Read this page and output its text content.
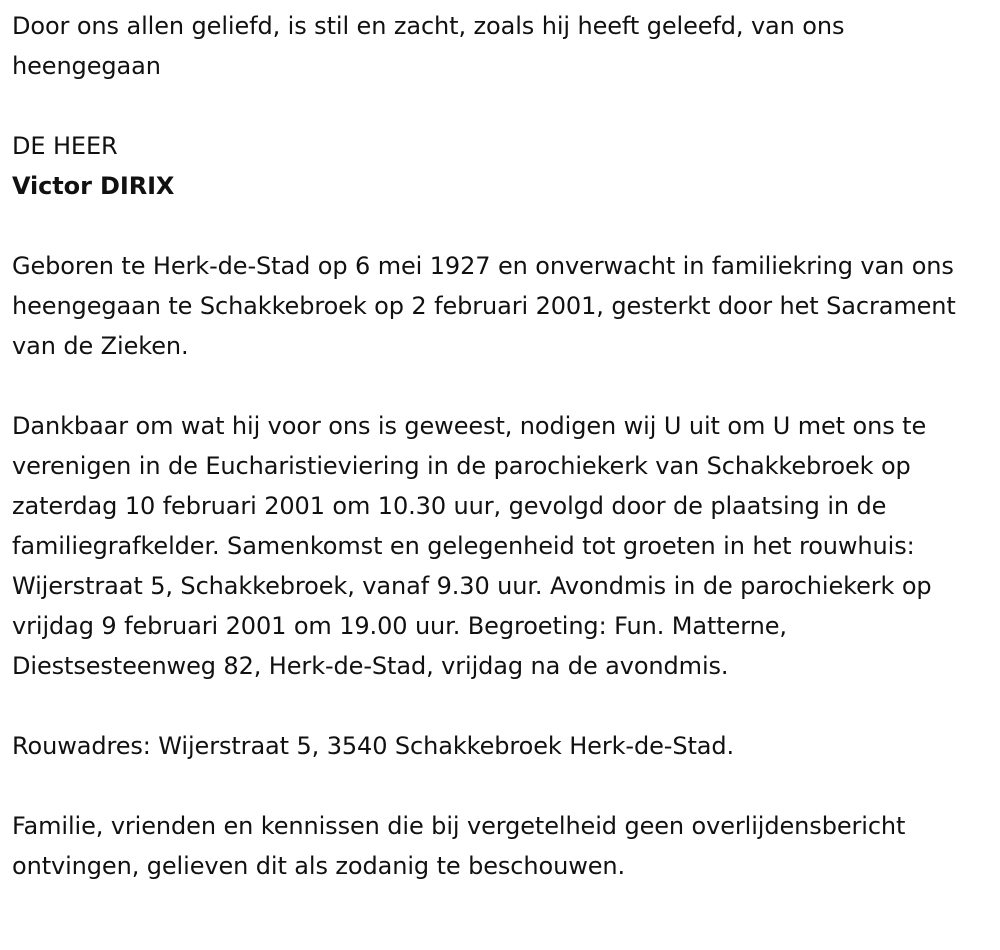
Door ons allen geliefd, is stil en zacht, zoals hij heeft geleefd, van ons heengegaan

DE HEER

Victor DIRIX

Geboren te Herk-de-Stad op 6 mei 1927 en onverwacht in familiekring van ons heengegaan te Schakkebroek op 2 februari 2001, gesterkt door het Sacrament van de Zieken.

Dankbaar om wat hij voor ons is geweest, nodigen wij U uit om U met ons te verenigen in de Eucharistieviering in de parochiekerk van Schakkebroek op zaterdag 10 februari 2001 om 10.30 uur, gevolgd door de plaatsing in de familiegrafkelder. Samenkomst en gelegenheid tot groeten in het rouwhuis: Wijerstraat 5, Schakkebroek, vanaf 9.30 uur. Avondmis in de parochiekerk op vrijdag 9 februari 2001 om 19.00 uur. Begroeting: Fun. Matterne, Diestsesteenweg 82, Herk-de-Stad, vrijdag na de avondmis.

Rouwadres: Wijerstraat 5, 3540 Schakkebroek Herk-de-Stad.

Familie, vrienden en kennissen die bij vergetelheid geen overlijdensbericht ontvingen, gelieven dit als zodanig te beschouwen.
